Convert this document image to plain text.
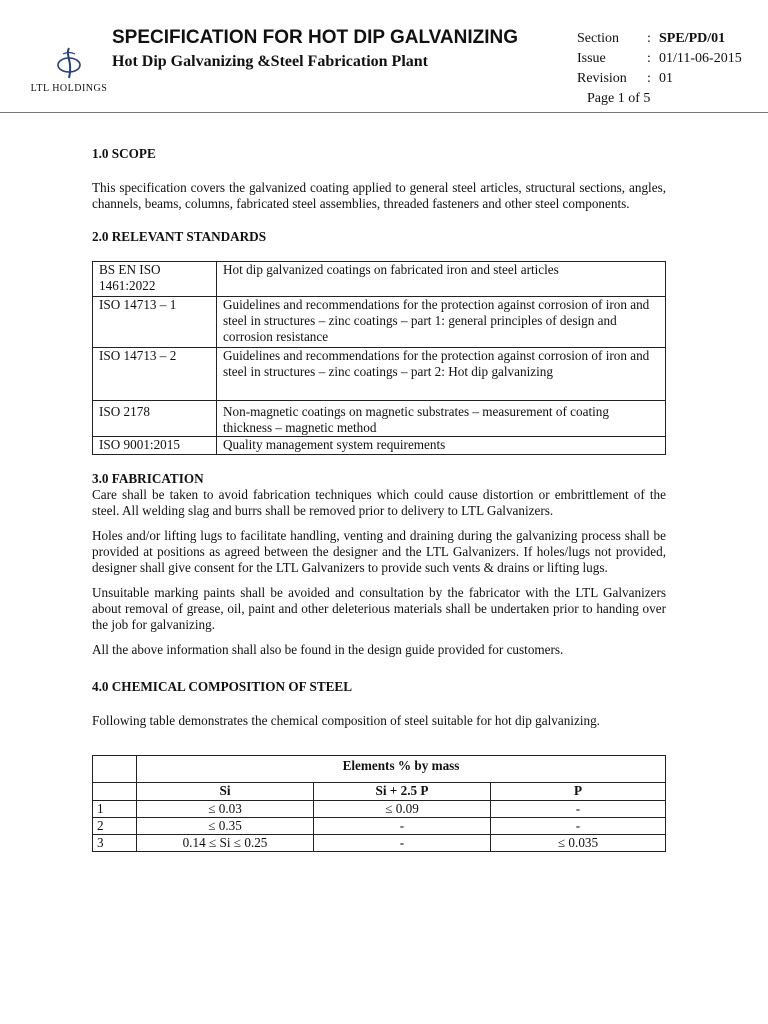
LTL HOLDINGS
SPECIFICATION FOR HOT DIP GALVANIZING
Hot Dip Galvanizing &Steel Fabrication Plant
Section : SPE/PD/01
Issue	: 01/11-06-2015
Revision : 01
Page 1 of 5

1.0 SCOPE

This specification covers the galvanized coating applied to general steel articles, structural sections, angles, channels, beams, columns, fabricated steel assemblies, threaded fasteners and other steel components.

2.0 RELEVANT STANDARDS

BS EN ISO 1461:2022	Hot dip galvanized coatings on fabricated iron and steel articles
ISO 14713 – 1	Guidelines and recommendations for the protection against corrosion of iron and steel in structures – zinc coatings – part 1: general principles of design and corrosion resistance
ISO 14713 – 2	Guidelines and recommendations for the protection against corrosion of iron and steel in structures – zinc coatings – part 2: Hot dip galvanizing
ISO 2178	Non-magnetic coatings on magnetic substrates – measurement of coating thickness – magnetic method
ISO 9001:2015	Quality management system requirements

3.0 FABRICATION

Care shall be taken to avoid fabrication techniques which could cause distortion or embrittlement of the steel. All welding slag and burrs shall be removed prior to delivery to LTL Galvanizers.

Holes and/or lifting lugs to facilitate handling, venting and draining during the galvanizing process shall be provided at positions as agreed between the designer and the LTL Galvanizers. If holes/lugs not provided, designer shall give consent for the LTL Galvanizers to provide such vents & drains or lifting lugs.

Unsuitable marking paints shall be avoided and consultation by the fabricator with the LTL Galvanizers about removal of grease, oil, paint and other deleterious materials shall be undertaken prior to handing over the job for galvanizing.

All the above information shall also be found in the design guide provided for customers.

4.0 CHEMICAL COMPOSITION OF STEEL

Following table demonstrates the chemical composition of steel suitable for hot dip galvanizing.

	Elements % by mass		
	Si	Si + 2.5 P	P
1	≤ 0.03	≤ 0.09	-
2	≤ 0.35	-	-
3	0.14 ≤ Si ≤ 0.25	-	≤ 0.035
